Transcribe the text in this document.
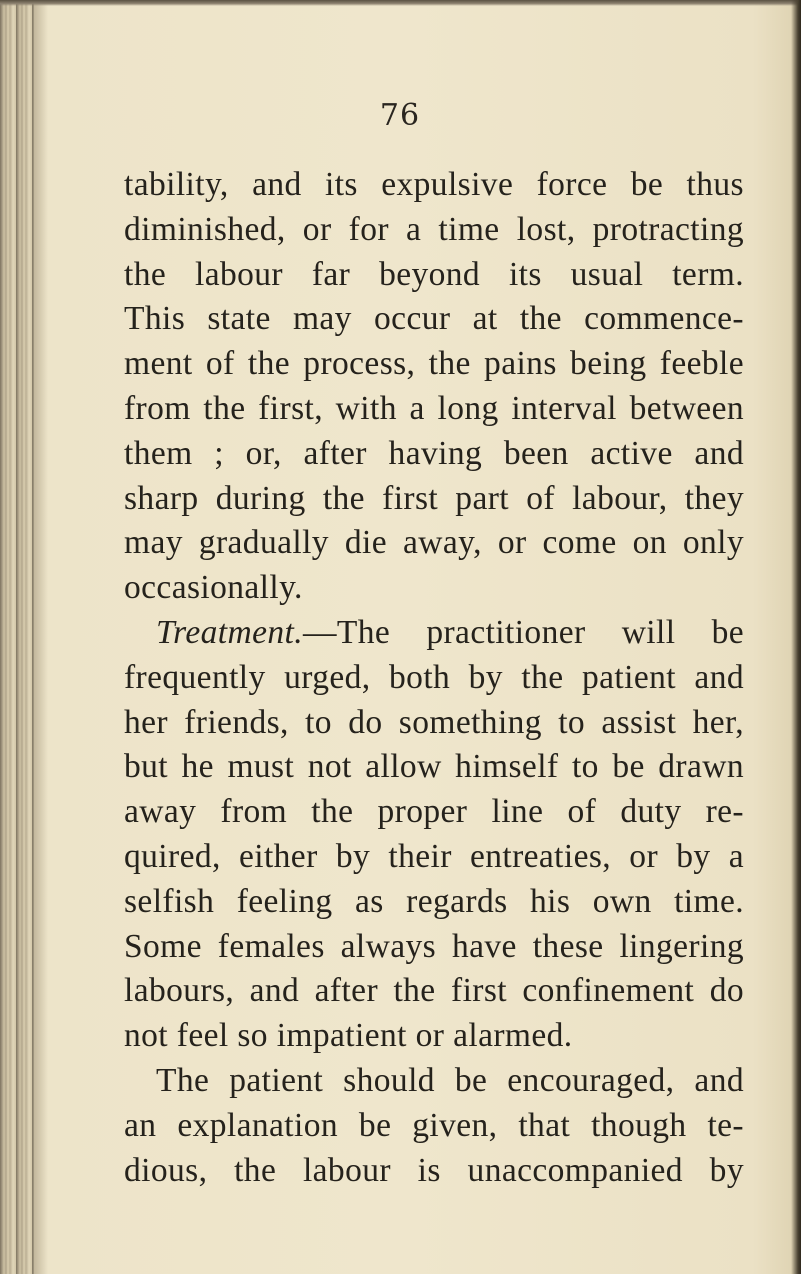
76
tability, and its expulsive force be thus
diminished, or for a time lost, protracting
the labour far beyond its usual term.
This state may occur at the commence-
ment of the process, the pains being feeble
from the first, with a long interval between
them ; or, after having been active and
sharp during the first part of labour, they
may gradually die away, or come on only
occasionally.
Treatment.—The practitioner will be
frequently urged, both by the patient and
her friends, to do something to assist her,
but he must not allow himself to be drawn
away from the proper line of duty re-
quired, either by their entreaties, or by a
selfish feeling as regards his own time.
Some females always have these lingering
labours, and after the first confinement do
not feel so impatient or alarmed.
The patient should be encouraged, and
an explanation be given, that though te-
dious, the labour is unaccompanied by
